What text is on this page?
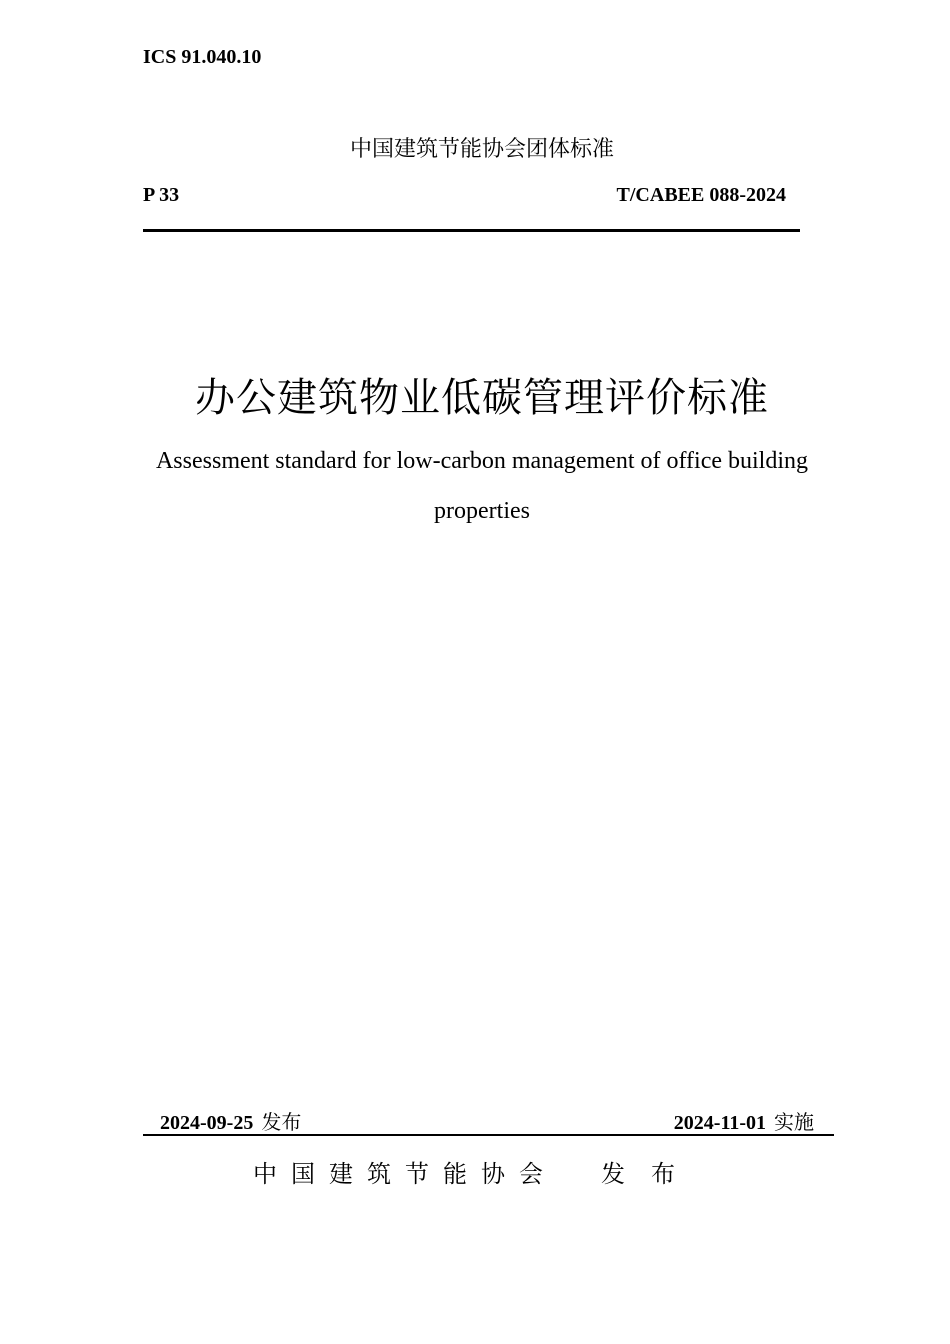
ICS 91.040.10
中国建筑节能协会团体标准
P 33	T/CABEE 088-2024
办公建筑物业低碳管理评价标准
Assessment standard for low-carbon management of office building properties
2024-09-25 发布	2024-11-01 实施
中国建筑节能协会 发布
